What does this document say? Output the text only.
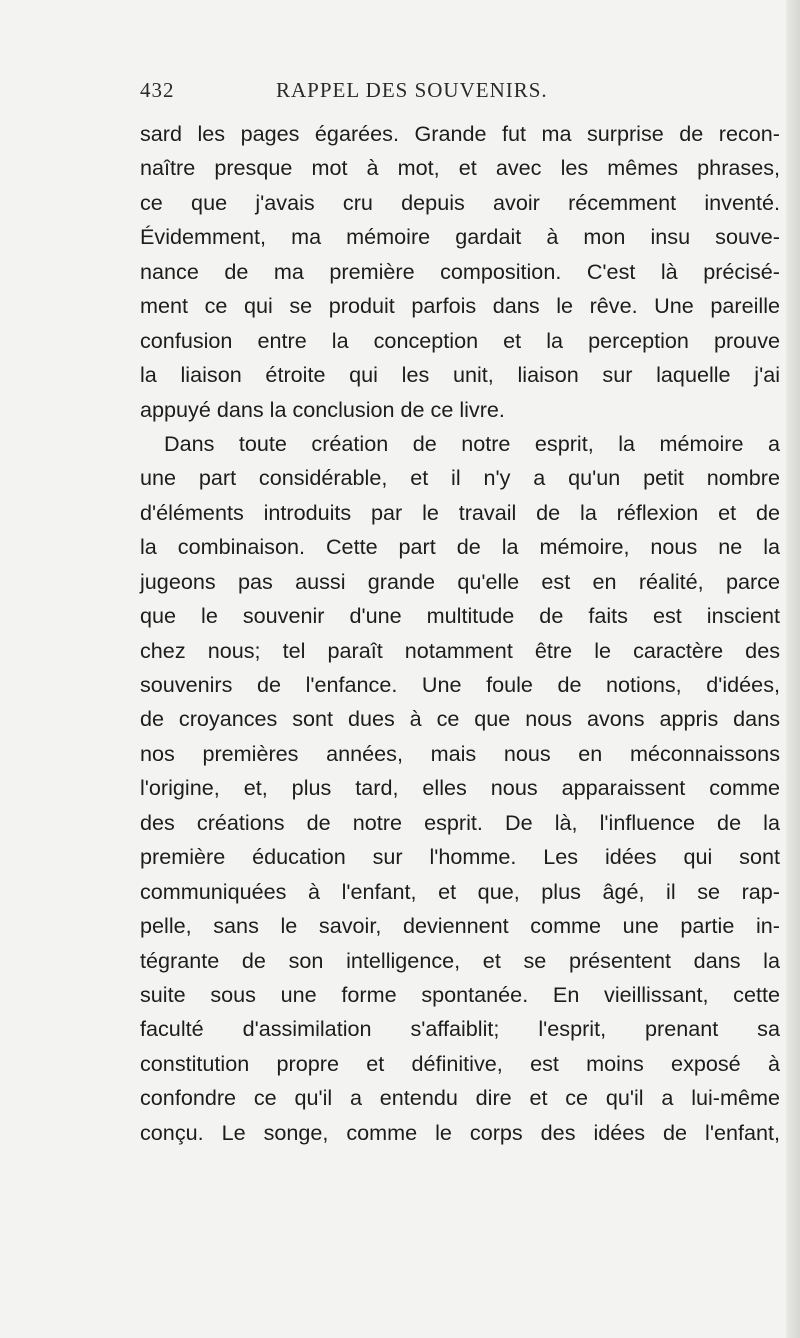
432	RAPPEL DES SOUVENIRS.
sard les pages égarées. Grande fut ma surprise de recon-
naître presque mot à mot, et avec les mêmes phrases,
ce que j'avais cru depuis avoir récemment inventé.
Évidemment, ma mémoire gardait à mon insu souve-
nance de ma première composition. C'est là précisé-
ment ce qui se produit parfois dans le rêve. Une pareille
confusion entre la conception et la perception prouve
la liaison étroite qui les unit, liaison sur laquelle j'ai
appuyé dans la conclusion de ce livre.
Dans toute création de notre esprit, la mémoire a
une part considérable, et il n'y a qu'un petit nombre
d'éléments introduits par le travail de la réflexion et de
la combinaison. Cette part de la mémoire, nous ne la
jugeons pas aussi grande qu'elle est en réalité, parce
que le souvenir d'une multitude de faits est inscient
chez nous; tel paraît notamment être le caractère des
souvenirs de l'enfance. Une foule de notions, d'idées,
de croyances sont dues à ce que nous avons appris dans
nos premières années, mais nous en méconnaissons
l'origine, et, plus tard, elles nous apparaissent comme
des créations de notre esprit. De là, l'influence de la
première éducation sur l'homme. Les idées qui sont
communiquées à l'enfant, et que, plus âgé, il se rap-
pelle, sans le savoir, deviennent comme une partie in-
tégrante de son intelligence, et se présentent dans la
suite sous une forme spontanée. En vieillissant, cette
faculté d'assimilation s'affaiblit; l'esprit, prenant sa
constitution propre et définitive, est moins exposé à
confondre ce qu'il a entendu dire et ce qu'il a lui-même
conçu. Le songe, comme le corps des idées de l'enfant,
